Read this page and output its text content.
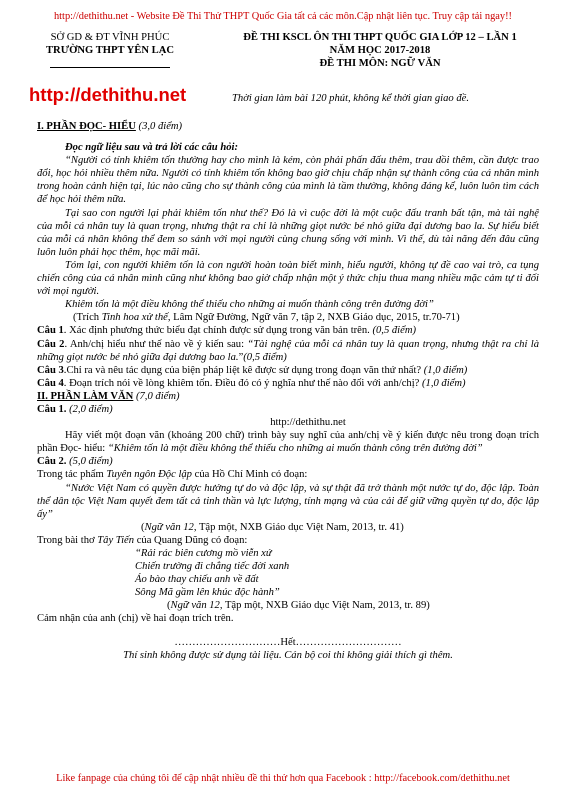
http://dethithu.net - Website Đề Thi Thử THPT Quốc Gia tất cả các môn.Cập nhật liên tục. Truy cập tải ngay!!
SỞ GD & ĐT VĨNH PHÚC
TRƯỜNG THPT YÊN LẠC
ĐỀ THI KSCL ÔN THI THPT QUỐC GIA LỚP 12 – LẦN 1
NĂM HỌC 2017-2018
ĐỀ THI MÔN: NGỮ VĂN
http://dethithu.net	Thời gian làm bài 120 phút, không kể thời gian giao đề.

I. PHẦN ĐỌC- HIỂU (3,0 điểm)

Đọc ngữ liệu sau và trả lời các câu hỏi:

“Người có tính khiêm tốn thường hay cho mình là kém, còn phải phấn đấu thêm, trau dồi thêm, cần được trao đổi, học hỏi nhiều thêm nữa. Người có tính khiêm tốn không bao giờ chịu chấp nhận sự thành công của cá nhân mình trong hoàn cảnh hiện tại, lúc nào cũng cho sự thành công của mình là tầm thường, không đáng kể, luôn luôn tìm cách để học hỏi thêm nữa.

Tại sao con người lại phải khiêm tốn như thế? Đó là vì cuộc đời là một cuộc đấu tranh bất tận, mà tài nghệ của mỗi cá nhân tuy là quan trọng, nhưng thật ra chỉ là những giọt nước bé nhỏ giữa đại dương bao la. Sự hiểu biết của mỗi cá nhân không thể đem so sánh với mọi người cùng chung sống với mình. Vì thế, dù tài năng đến đâu cũng luôn luôn phải học thêm, học mãi mãi.

Tóm lại, con người khiêm tốn là con người hoàn toàn biết mình, hiểu người, không tự đề cao vai trò, ca tụng chiến công của cá nhân mình cũng như không bao giờ chấp nhận một ý thức chịu thua mang nhiều mặc cảm tự ti đối với mọi người.

Khiêm tốn là một điều không thể thiếu cho những ai muốn thành công trên đường đời”

(Trích Tinh hoa xử thế, Lâm Ngữ Đường, Ngữ văn 7, tập 2, NXB Giáo dục, 2015, tr.70-71)

Câu 1. Xác định phương thức biểu đạt chính được sử dụng trong văn bản trên. (0,5 điểm)

Câu 2. Anh/chị hiểu như thế nào về ý kiến sau: “Tài nghệ của mỗi cá nhân tuy là quan trọng, nhưng thật ra chỉ là những giọt nước bé nhỏ giữa đại dương bao la.”(0,5 điểm)

Câu 3.Chỉ ra và nêu tác dụng của biện pháp liệt kê được sử dụng trong đoạn văn thứ nhất? (1,0 điểm)

Câu 4. Đoạn trích nói về lòng khiêm tốn. Điều đó có ý nghĩa như thế nào đối với anh/chị? (1,0 điểm)

II. PHẦN LÀM VĂN (7,0 điểm)

Câu 1. (2,0 điểm)

http://dethithu.net

Hãy viết một đoạn văn (khoảng 200 chữ) trình bày suy nghĩ của anh/chị về ý kiến được nêu trong đoạn trích phần Đọc- hiểu: “Khiêm tốn là một điều không thể thiếu cho những ai muốn thành công trên đường đời”

Câu 2. (5,0 điểm)

Trong tác phẩm Tuyên ngôn Độc lập của Hồ Chí Minh có đoạn:

“Nước Việt Nam có quyền được hưởng tự do và độc lập, và sự thật đã trở thành một nước tự do, độc lập. Toàn thể dân tộc Việt Nam quyết đem tất cả tinh thần và lực lượng, tính mạng và của cải để giữ vững quyền tự do, độc lập ấy”

(Ngữ văn 12, Tập một, NXB Giáo dục Việt Nam, 2013, tr. 41)

Trong bài thơ Tây Tiến của Quang Dũng có đoạn:

“Rải rác biên cương mồ viễn xứ

Chiến trường đi chẳng tiếc đời xanh

Áo bào thay chiếu anh về đất

Sông Mã gầm lên khúc độc hành”

(Ngữ văn 12, Tập một, NXB Giáo dục Việt Nam, 2013, tr. 89)

Cảm nhận của anh (chị) về hai đoạn trích trên.

…………………………Hết…………………………

Thí sinh không được sử dụng tài liệu. Cán bộ coi thi không giải thích gì thêm.

Like fanpage của chúng tôi để cập nhật nhiều đề thi thử hơn qua Facebook : http://facebook.com/dethithu.net
